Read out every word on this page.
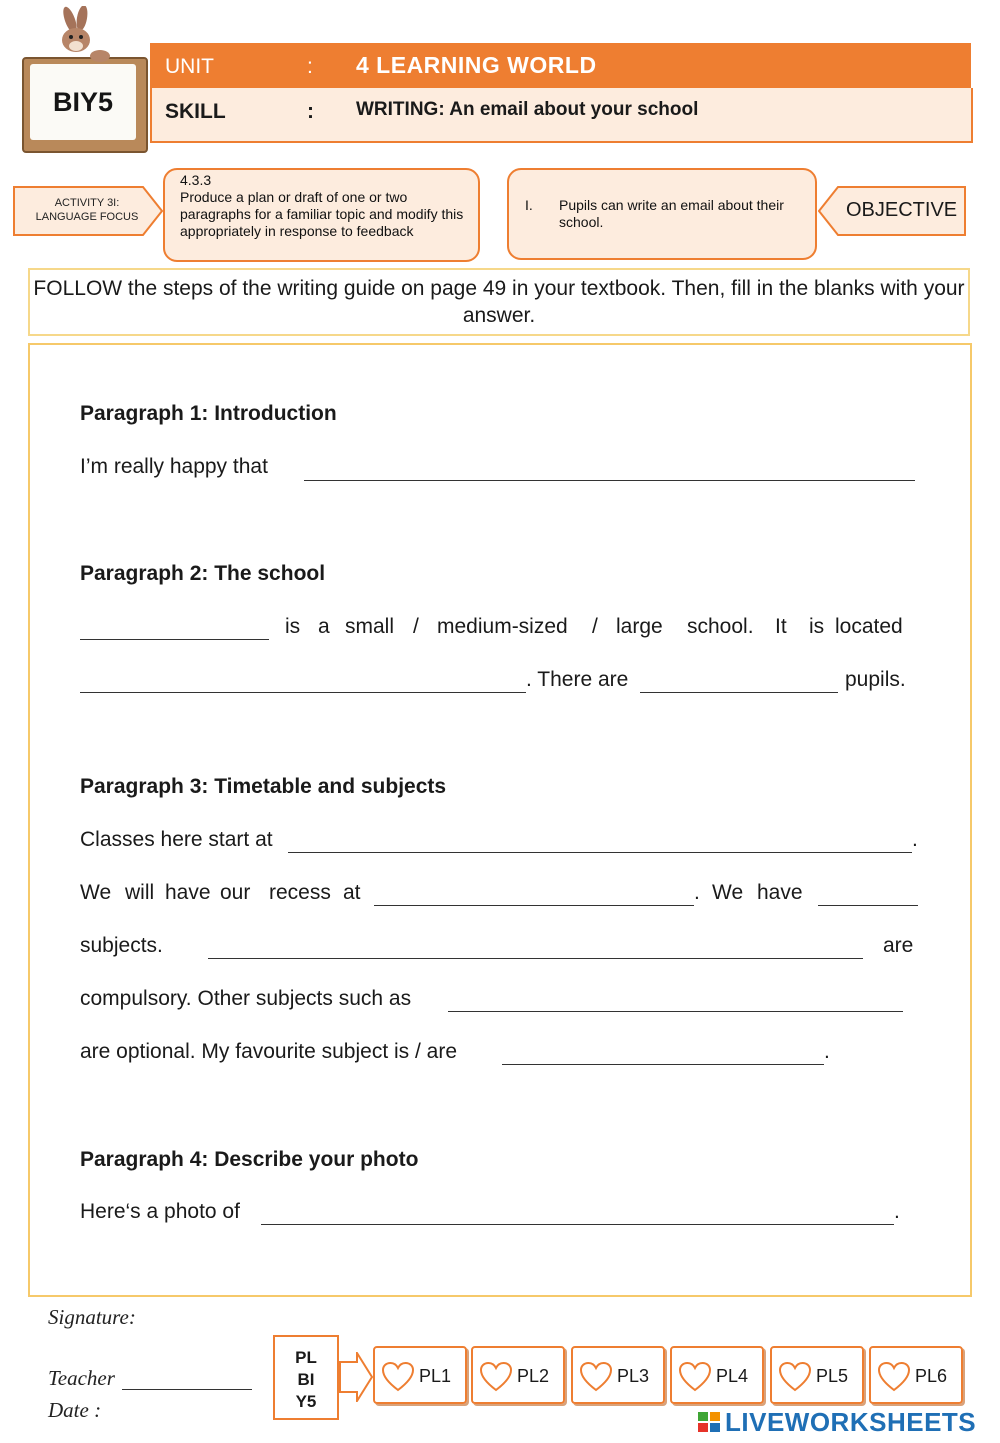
BIY5
UNIT	: 4 LEARNING WORLD
SKILL	: WRITING: An email about your school
ACTIVITY 3I:
LANGUAGE FOCUS
4.3.3
Produce a plan or draft of one or two paragraphs for a familiar topic and modify this appropriately in response to feedback
I. Pupils can write an email about their school.
OBJECTIVE
FOLLOW the steps of the writing guide on page 49 in your textbook. Then, fill in the blanks with your answer.
Paragraph 1: Introduction
I’m really happy that
Paragraph 2: The school
is a small / medium-sized / large school. It is located
. There are	pupils.
Paragraph 3: Timetable and subjects
Classes here start at	.
We will have our recess at	. We have
subjects.	are
compulsory. Other subjects such as
are optional. My favourite subject is / are	.
Paragraph 4: Describe your photo
Here‘s a photo of	.
Signature:
Teacher
Date :
PL
BI
Y5
PL1	PL2	PL3	PL4	PL5	PL6
LIVEWORKSHEETS
